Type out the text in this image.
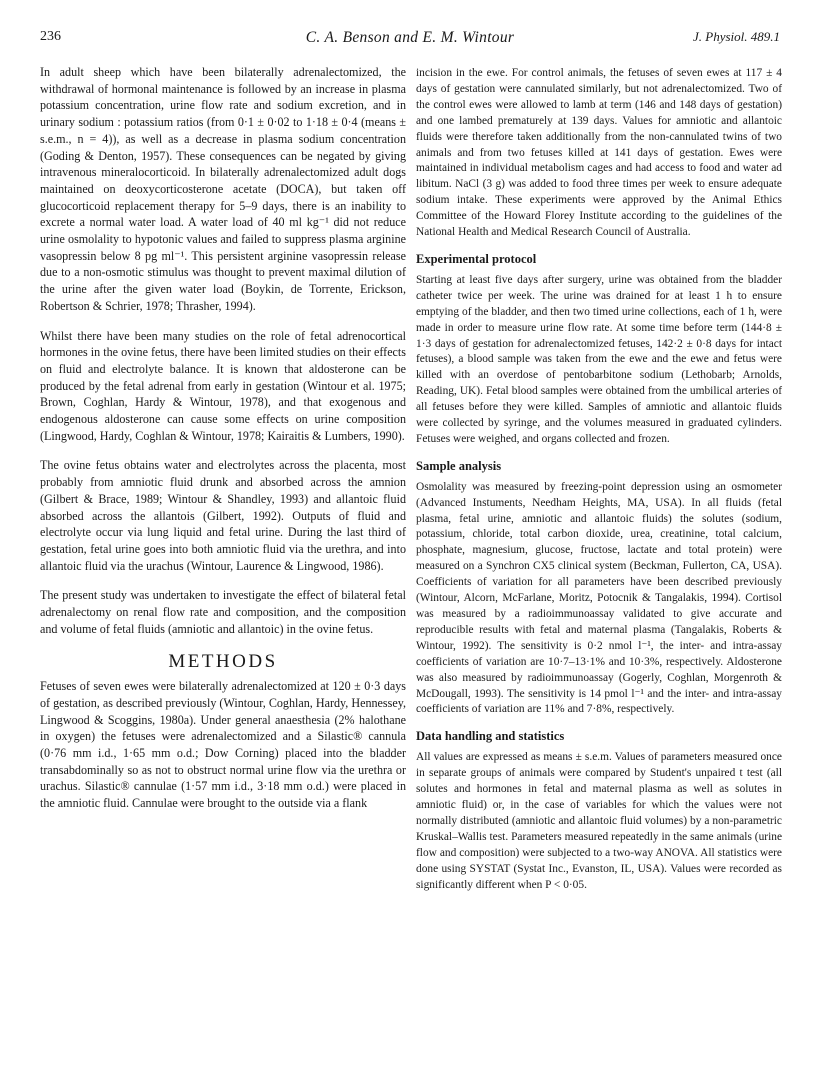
236	C. A. Benson and E. M. Wintour	J. Physiol. 489.1

In adult sheep which have been bilaterally adrenalectomized, the withdrawal of hormonal maintenance is followed by an increase in plasma potassium concentration, urine flow rate and sodium excretion, and in urinary sodium : potassium ratios (from 0·1 ± 0·02 to 1·18 ± 0·4 (means ± s.e.m., n = 4)), as well as a decrease in plasma sodium concentration (Goding & Denton, 1957). These consequences can be negated by giving intravenous mineralocorticoid. In bilaterally adrenalectomized adult dogs maintained on deoxycorticosterone acetate (DOCA), but taken off glucocorticoid replacement therapy for 5–9 days, there is an inability to excrete a normal water load. A water load of 40 ml kg⁻¹ did not reduce urine osmolality to hypotonic values and failed to suppress plasma arginine vasopressin below 8 pg ml⁻¹. This persistent arginine vasopressin release due to a non-osmotic stimulus was thought to prevent maximal dilution of the urine after the given water load (Boykin, de Torrente, Erickson, Robertson & Schrier, 1978; Thrasher, 1994).

Whilst there have been many studies on the role of fetal adrenocortical hormones in the ovine fetus, there have been limited studies on their effects on fluid and electrolyte balance. It is known that aldosterone can be produced by the fetal adrenal from early in gestation (Wintour et al. 1975; Brown, Coghlan, Hardy & Wintour, 1978), and that exogenous and endogenous aldosterone can cause some effects on urine composition (Lingwood, Hardy, Coghlan & Wintour, 1978; Kairaitis & Lumbers, 1990).

The ovine fetus obtains water and electrolytes across the placenta, most probably from amniotic fluid drunk and absorbed across the amnion (Gilbert & Brace, 1989; Wintour & Shandley, 1993) and allantoic fluid absorbed across the allantois (Gilbert, 1992). Outputs of fluid and electrolyte occur via lung liquid and fetal urine. During the last third of gestation, fetal urine goes into both amniotic fluid via the urethra, and into allantoic fluid via the urachus (Wintour, Laurence & Lingwood, 1986).

The present study was undertaken to investigate the effect of bilateral fetal adrenalectomy on renal flow rate and composition, and the composition and volume of fetal fluids (amniotic and allantoic) in the ovine fetus.

METHODS

Fetuses of seven ewes were bilaterally adrenalectomized at 120 ± 0·3 days of gestation, as described previously (Wintour, Coghlan, Hardy, Hennessey, Lingwood & Scoggins, 1980a). Under general anaesthesia (2% halothane in oxygen) the fetuses were adrenalectomized and a Silastic® cannula (0·76 mm i.d., 1·65 mm o.d.; Dow Corning) placed into the bladder transabdominally so as not to obstruct normal urine flow via the urethra or urachus. Silastic® cannulae (1·57 mm i.d., 3·18 mm o.d.) were placed in the amniotic fluid. Cannulae were brought to the outside via a flank

incision in the ewe. For control animals, the fetuses of seven ewes at 117 ± 4 days of gestation were cannulated similarly, but not adrenalectomized. Two of the control ewes were allowed to lamb at term (146 and 148 days of gestation) and one lambed prematurely at 139 days. Values for amniotic and allantoic fluids were therefore taken additionally from the non-cannulated twins of two animals and from two fetuses killed at 141 days of gestation. Ewes were maintained in individual metabolism cages and had access to food and water ad libitum. NaCl (3 g) was added to food three times per week to ensure adequate sodium intake. These experiments were approved by the Animal Ethics Committee of the Howard Florey Institute according to the guidelines of the National Health and Medical Research Council of Australia.

Experimental protocol

Starting at least five days after surgery, urine was obtained from the bladder catheter twice per week. The urine was drained for at least 1 h to ensure emptying of the bladder, and then two timed urine collections, each of 1 h, were made in order to measure urine flow rate. At some time before term (144·8 ± 1·3 days of gestation for adrenalectomized fetuses, 142·2 ± 0·8 days for intact fetuses), a blood sample was taken from the ewe and the ewe and fetus were killed with an overdose of pentobarbitone sodium (Lethobarb; Arnolds, Reading, UK). Fetal blood samples were obtained from the umbilical arteries of all fetuses before they were killed. Samples of amniotic and allantoic fluids were collected by syringe, and the volumes measured in graduated cylinders. Fetuses were weighed, and organs collected and frozen.

Sample analysis

Osmolality was measured by freezing-point depression using an osmometer (Advanced Instuments, Needham Heights, MA, USA). In all fluids (fetal plasma, fetal urine, amniotic and allantoic fluids) the solutes (sodium, potassium, chloride, total carbon dioxide, urea, creatinine, total calcium, phosphate, magnesium, glucose, fructose, lactate and total protein) were measured on a Synchron CX5 clinical system (Beckman, Fullerton, CA, USA). Coefficients of variation for all parameters have been described previously (Wintour, Alcorn, McFarlane, Moritz, Potocnik & Tangalakis, 1994). Cortisol was measured by a radioimmunoassay validated to give accurate and reproducible results with fetal and maternal plasma (Tangalakis, Roberts & Wintour, 1992). The sensitivity is 0·2 nmol l⁻¹, the inter- and intra-assay coefficients of variation are 10·7–13·1% and 10·3%, respectively. Aldosterone was also measured by radioimmunoassay (Gogerly, Coghlan, Morgenroth & McDougall, 1993). The sensitivity is 14 pmol l⁻¹ and the inter- and intra-assay coefficients of variation are 11% and 7·8%, respectively.

Data handling and statistics

All values are expressed as means ± s.e.m. Values of parameters measured once in separate groups of animals were compared by Student's unpaired t test (all solutes and hormones in fetal and maternal plasma as well as solutes in amniotic fluid) or, in the case of variables for which the values were not normally distributed (amniotic and allantoic fluid volumes) by a non-parametric Kruskal–Wallis test. Parameters measured repeatedly in the same animals (urine flow and composition) were subjected to a two-way ANOVA. All statistics were done using SYSTAT (Systat Inc., Evanston, IL, USA). Values were recorded as significantly different when P < 0·05.
